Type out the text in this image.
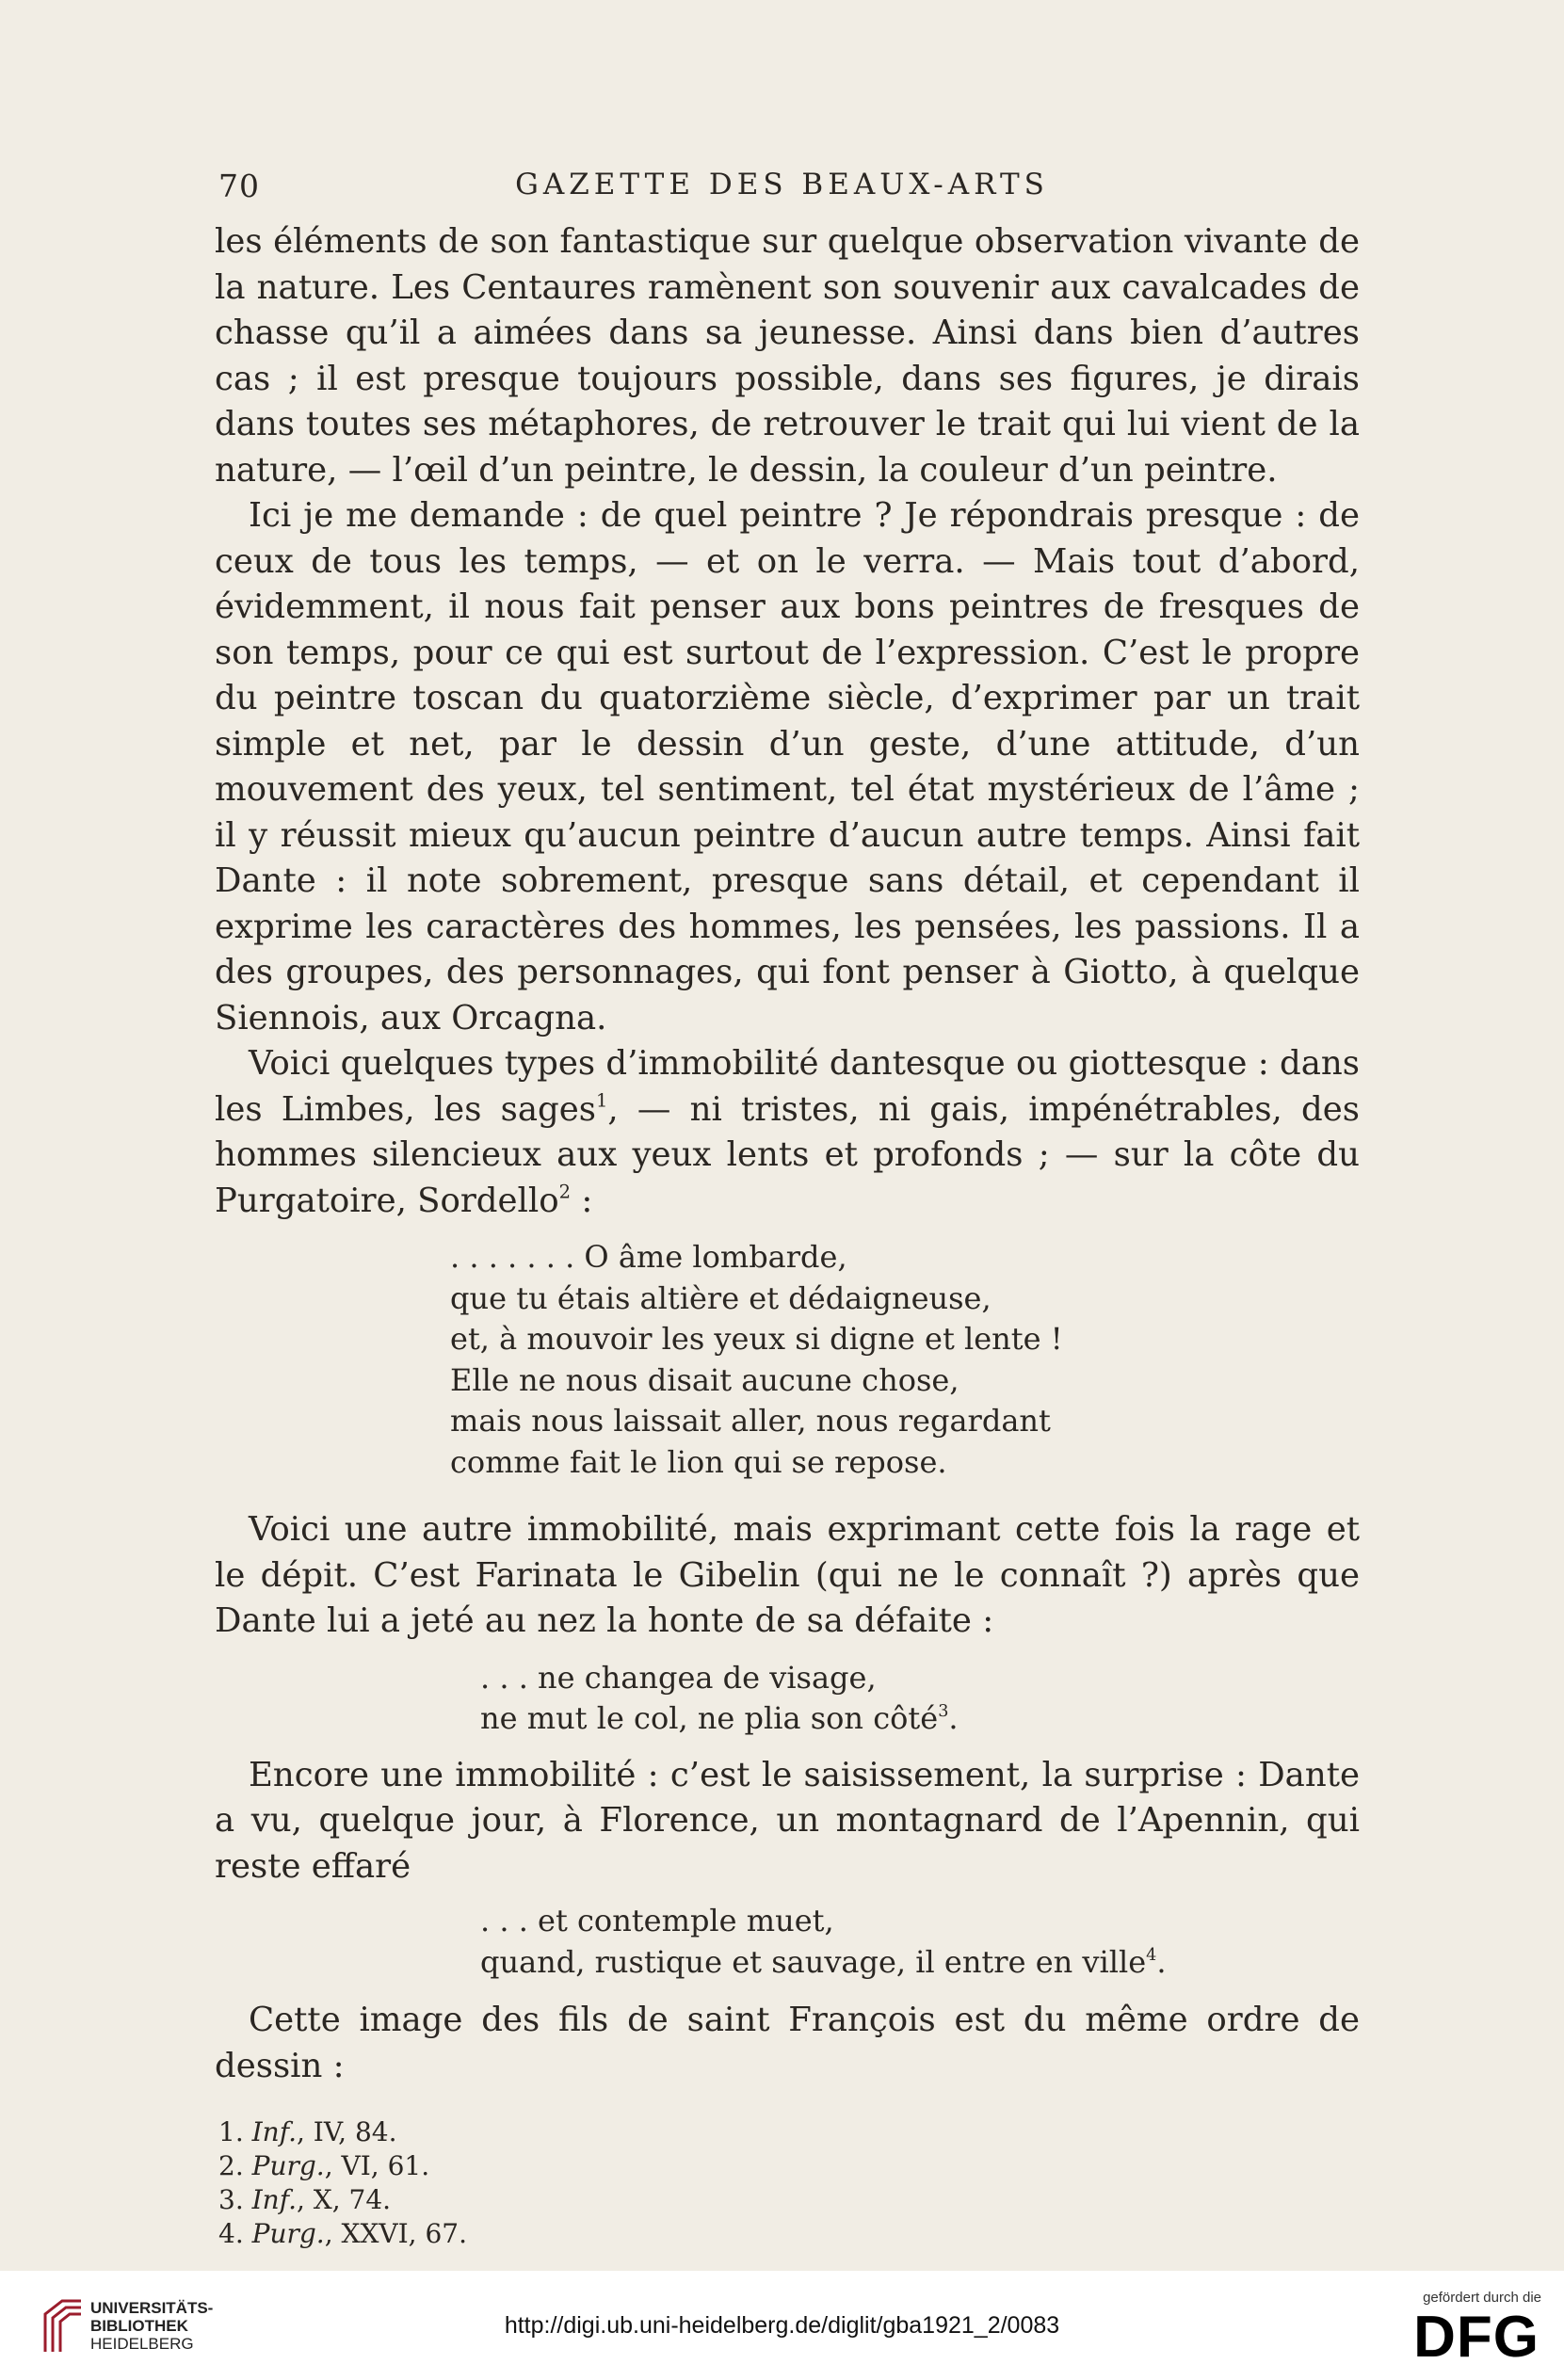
70	GAZETTE DES BEAUX-ARTS

les éléments de son fantastique sur quelque observation vivante de la nature. Les Centaures ramènent son souvenir aux cavalcades de chasse qu’il a aimées dans sa jeunesse. Ainsi dans bien d’autres cas ; il est presque toujours possible, dans ses figures, je dirais dans toutes ses métaphores, de retrouver le trait qui lui vient de la nature, — l’œil d’un peintre, le dessin, la couleur d’un peintre.

Ici je me demande : de quel peintre ? Je répondrais presque : de ceux de tous les temps, — et on le verra. — Mais tout d’abord, évidemment, il nous fait penser aux bons peintres de fresques de son temps, pour ce qui est surtout de l’expression. C’est le propre du peintre toscan du quatorzième siècle, d’exprimer par un trait simple et net, par le dessin d’un geste, d’une attitude, d’un mouvement des yeux, tel sentiment, tel état mystérieux de l’âme ; il y réussit mieux qu’aucun peintre d’aucun autre temps. Ainsi fait Dante : il note sobrement, presque sans détail, et cependant il exprime les caractères des hommes, les pensées, les passions. Il a des groupes, des personnages, qui font penser à Giotto, à quelque Siennois, aux Orcagna.

Voici quelques types d’immobilité dantesque ou giottesque : dans les Limbes, les sages$^1$, — ni tristes, ni gais, impénétrables, des hommes silencieux aux yeux lents et profonds ; — sur la côte du Purgatoire, Sordello$^2$ :

. . . . . . . O âme lombarde,
que tu étais altière et dédaigneuse,
et, à mouvoir les yeux si digne et lente !
Elle ne nous disait aucune chose,
mais nous laissait aller, nous regardant
comme fait le lion qui se repose.

Voici une autre immobilité, mais exprimant cette fois la rage et le dépit. C’est Farinata le Gibelin (qui ne le connaît ?) après que Dante lui a jeté au nez la honte de sa défaite :

. . . ne changea de visage,
ne mut le col, ne plia son côté$^3$.

Encore une immobilité : c’est le saisissement, la surprise : Dante a vu, quelque jour, à Florence, un montagnard de l’Apennin, qui reste effaré

. . . et contemple muet,
quand, rustique et sauvage, il entre en ville$^4$.

Cette image des fils de saint François est du même ordre de dessin :

1. Inf., IV, 84.
2. Purg., VI, 61.
3. Inf., X, 74.
4. Purg., XXVI, 67.
UNIVERSITÄTS-
BIBLIOTHEK
HEIDELBERG
http://digi.ub.uni-heidelberg.de/diglit/gba1921_2/0083
gefördert durch die
DFG
